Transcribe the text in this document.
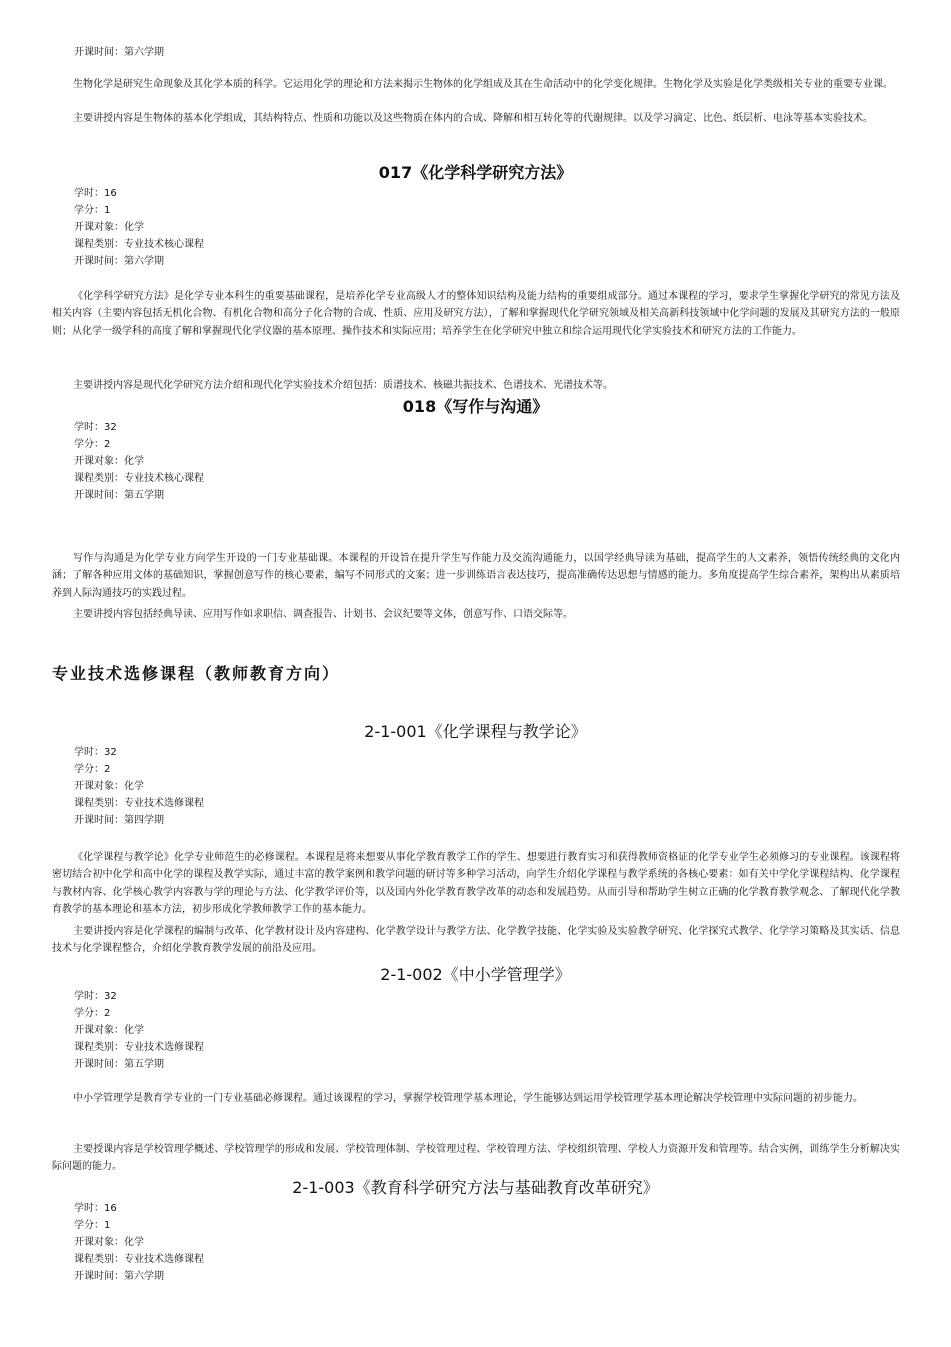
开课时间：第六学期

生物化学是研究生命现象及其化学本质的科学。它运用化学的理论和方法来揭示生物体的化学组成及其在生命活动中的化学变化规律。生物化学及实验是化学类级相关专业的重要专业课。

主要讲授内容是生物体的基本化学组成，其结构特点、性质和功能以及这些物质在体内的合成、降解和相互转化等的代谢规律。以及学习滴定、比色、纸层析、电泳等基本实验技术。

017《化学科学研究方法》
学时：16
学分：1
开课对象：化学
课程类别：专业技术核心课程
开课时间：第六学期

《化学科学研究方法》是化学专业本科生的重要基础课程，是培养化学专业高级人才的整体知识结构及能力结构的重要组成部分。通过本课程的学习，要求学生掌握化学研究的常见方法及相关内容（主要内容包括无机化合物、有机化合物和高分子化合物的合成、性质、应用及研究方法），了解和掌握现代化学研究领域及相关高新科技领域中化学问题的发展及其研究方法的一般原则；从化学一级学科的高度了解和掌握现代化学仪器的基本原理、操作技术和实际应用；培养学生在化学研究中独立和综合运用现代化学实验技术和研究方法的工作能力。

主要讲授内容是现代化学研究方法介绍和现代化学实验技术介绍包括：质谱技术、核磁共振技术、色谱技术、光谱技术等。

018《写作与沟通》
学时：32
学分：2
开课对象：化学
课程类别：专业技术核心课程
开课时间：第五学期

写作与沟通是为化学专业方向学生开设的一门专业基础课。本课程的开设旨在提升学生写作能力及交流沟通能力，以国学经典导读为基础，提高学生的人文素养，领悟传统经典的文化内涵；了解各种应用文体的基础知识，掌握创意写作的核心要素，编写不同形式的文案；进一步训练语言表达技巧，提高准确传达思想与情感的能力。多角度提高学生综合素养，架构出从素质培养到人际沟通技巧的实践过程。

主要讲授内容包括经典导读、应用写作如求职信、调查报告、计划书、会议纪要等文体，创意写作、口语交际等。

专业技术选修课程（教师教育方向）
2-1-001《化学课程与教学论》
学时：32
学分：2
开课对象：化学
课程类别：专业技术选修课程
开课时间：第四学期

《化学课程与教学论》化学专业师范生的必修课程。本课程是将来想要从事化学教育教学工作的学生、想要进行教育实习和获得教师资格证的化学专业学生必须修习的专业课程。该课程将密切结合初中化学和高中化学的课程及教学实际，通过丰富的教学案例和教学问题的研讨等多种学习活动，向学生介绍化学课程与教学系统的各核心要素：如有关中学化学课程结构、化学课程与教材内容、化学核心教学内容教与学的理论与方法、化学教学评价等，以及国内外化学教育教学改革的动态和发展趋势。从而引导和帮助学生树立正确的化学教育教学观念、了解现代化学教育教学的基本理论和基本方法，初步形成化学教师教学工作的基本能力。

主要讲授内容是化学课程的编制与改革、化学教材设计及内容建构、化学教学设计与教学方法、化学教学技能、化学实验及实验教学研究、化学探究式教学、化学学习策略及其实话、信息技术与化学课程整合，介绍化学教育教学发展的前沿及应用。

2-1-002《中小学管理学》
学时：32
学分：2
开课对象：化学
课程类别：专业技术选修课程
开课时间：第五学期

中小学管理学是教育学专业的一门专业基础必修课程。通过该课程的学习，掌握学校管理学基本理论，学生能够达到运用学校管理学基本理论解决学校管理中实际问题的初步能力。

主要授课内容是学校管理学概述、学校管理学的形成和发展、学校管理体制、学校管理过程、学校管理方法、学校组织管理、学校人力资源开发和管理等。结合实例，训练学生分析解决实际问题的能力。

2-1-003《教育科学研究方法与基础教育改革研究》
学时：16
学分：1
开课对象：化学
课程类别：专业技术选修课程
开课时间：第六学期
